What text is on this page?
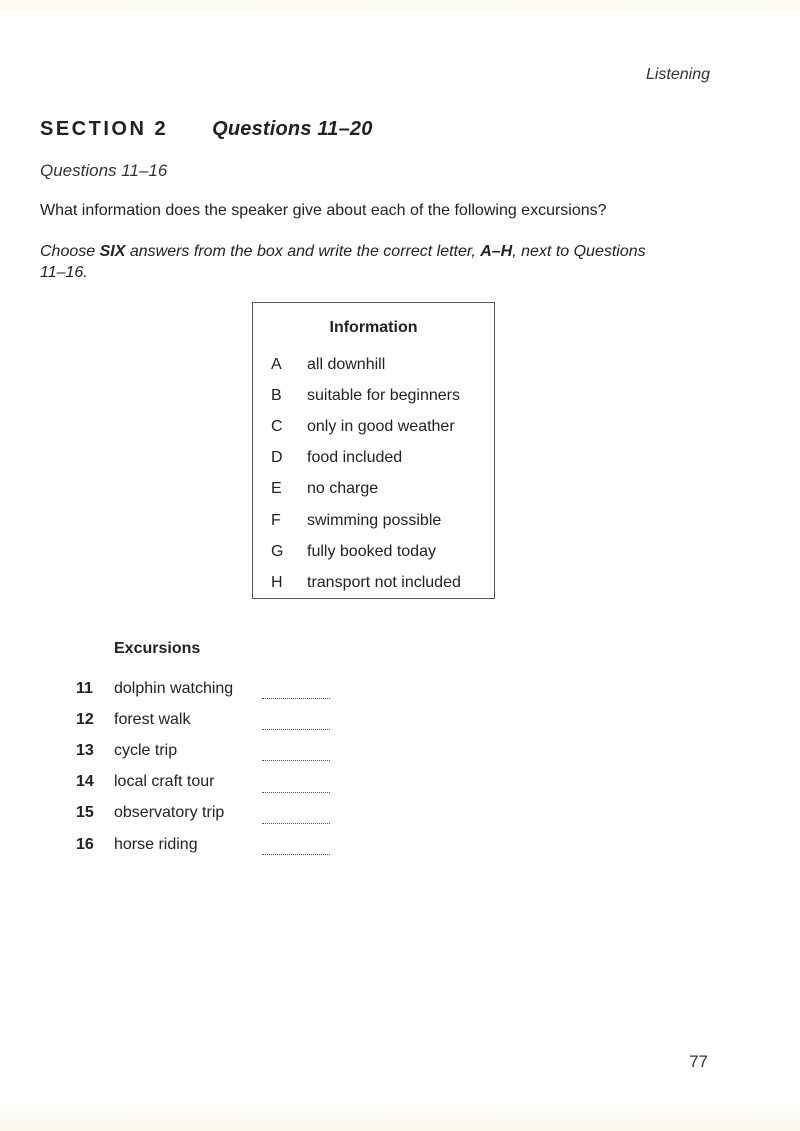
Listening
SECTION 2 Questions 11–20
Questions 11–16
What information does the speaker give about each of the following excursions?
Choose SIX answers from the box and write the correct letter, A–H, next to Questions 11–16.
Information
A	all downhill
B	suitable for beginners
C	only in good weather
D	food included
E	no charge
F	swimming possible
G	fully booked today
H	transport not included
Excursions
11	dolphin watching
12	forest walk
13	cycle trip
14	local craft tour
15	observatory trip
16	horse riding
77
